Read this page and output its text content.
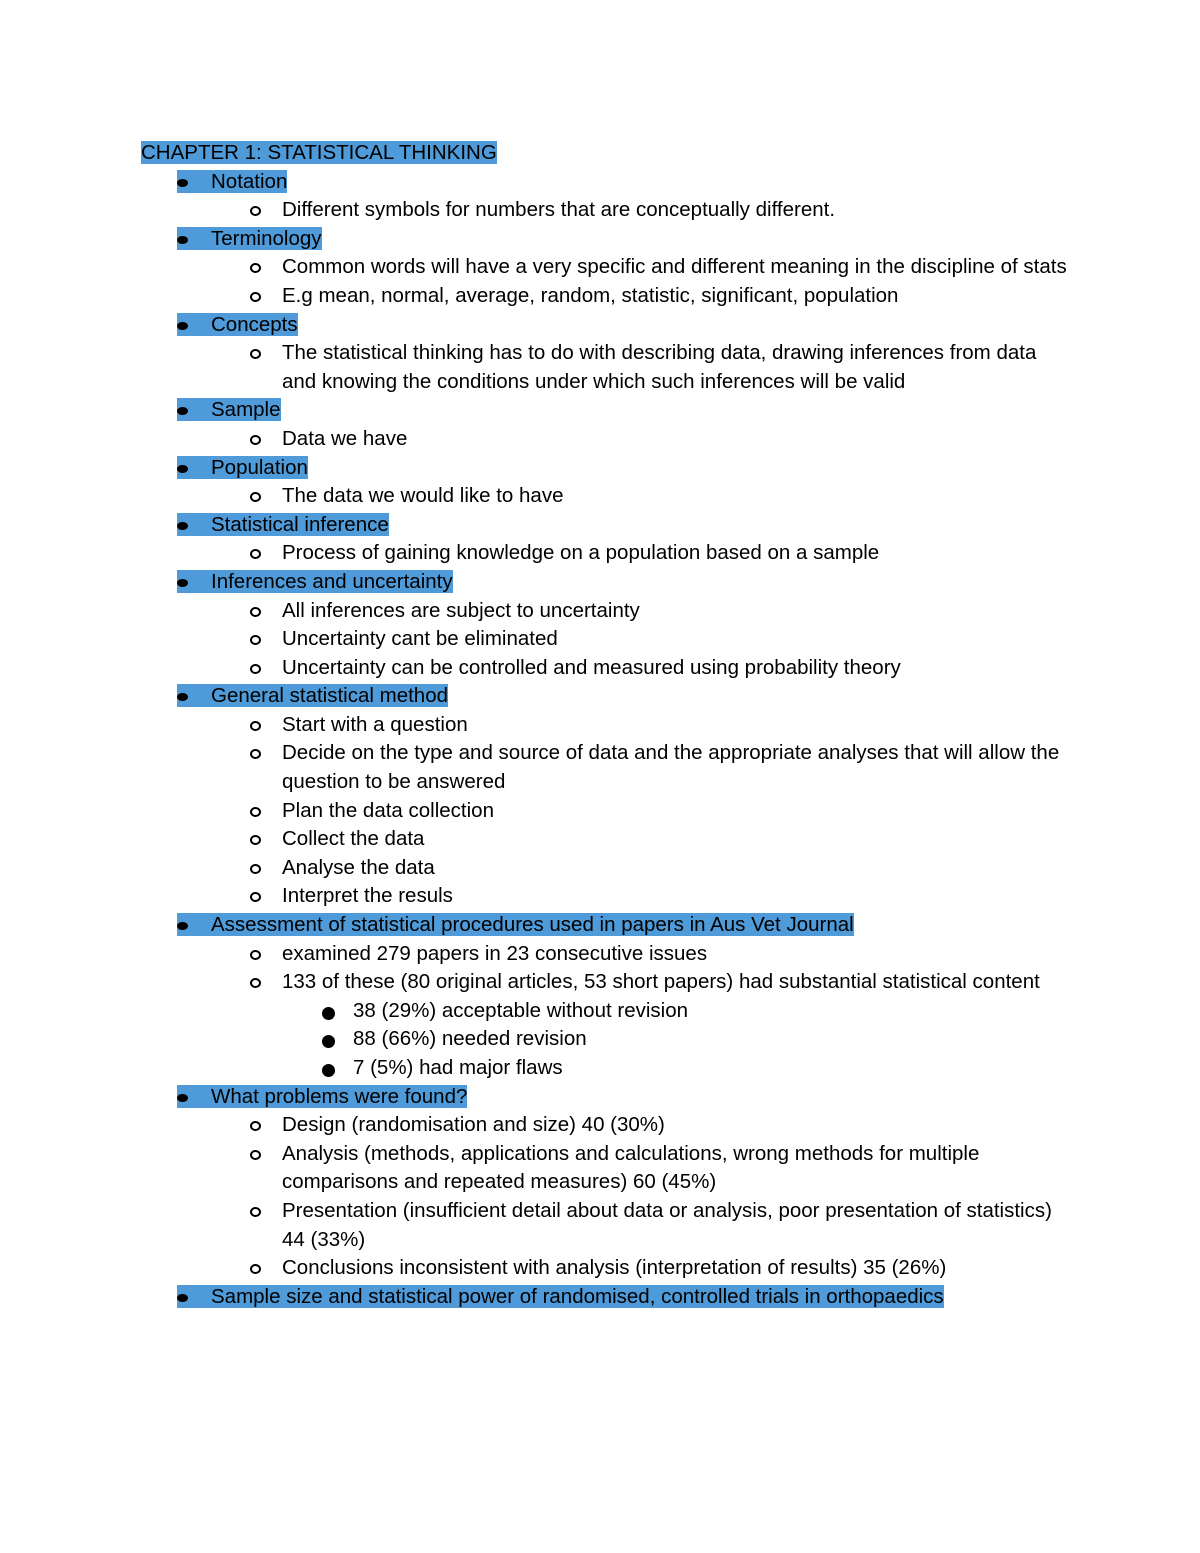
CHAPTER 1: STATISTICAL THINKING
Notation
Different symbols for numbers that are conceptually different.
Terminology
Common words will have a very specific and different meaning in the discipline of stats
E.g mean, normal, average, random, statistic, significant, population
Concepts
The statistical thinking has to do with describing data, drawing inferences from data and knowing the conditions under which such inferences will be valid
Sample
Data we have
Population
The data we would like to have
Statistical inference
Process of gaining knowledge on a population based on a sample
Inferences and uncertainty
All inferences are subject to uncertainty
Uncertainty cant be eliminated
Uncertainty can be controlled and measured using probability theory
General statistical method
Start with a question
Decide on the type and source of data and the appropriate analyses that will allow the question to be answered
Plan the data collection
Collect the data
Analyse the data
Interpret the resuls
Assessment of statistical procedures used in papers in Aus Vet Journal
examined 279 papers in 23 consecutive issues
133 of these (80 original articles, 53 short papers) had substantial statistical content
38 (29%) acceptable without revision
88 (66%) needed revision
7 (5%) had major flaws
What problems were found?
Design (randomisation and size) 40 (30%)
Analysis (methods, applications and calculations, wrong methods for multiple comparisons and repeated measures) 60 (45%)
Presentation (insufficient detail about data or analysis, poor presentation of statistics) 44 (33%)
Conclusions inconsistent with analysis (interpretation of results) 35 (26%)
Sample size and statistical power of randomised, controlled trials in orthopaedics
